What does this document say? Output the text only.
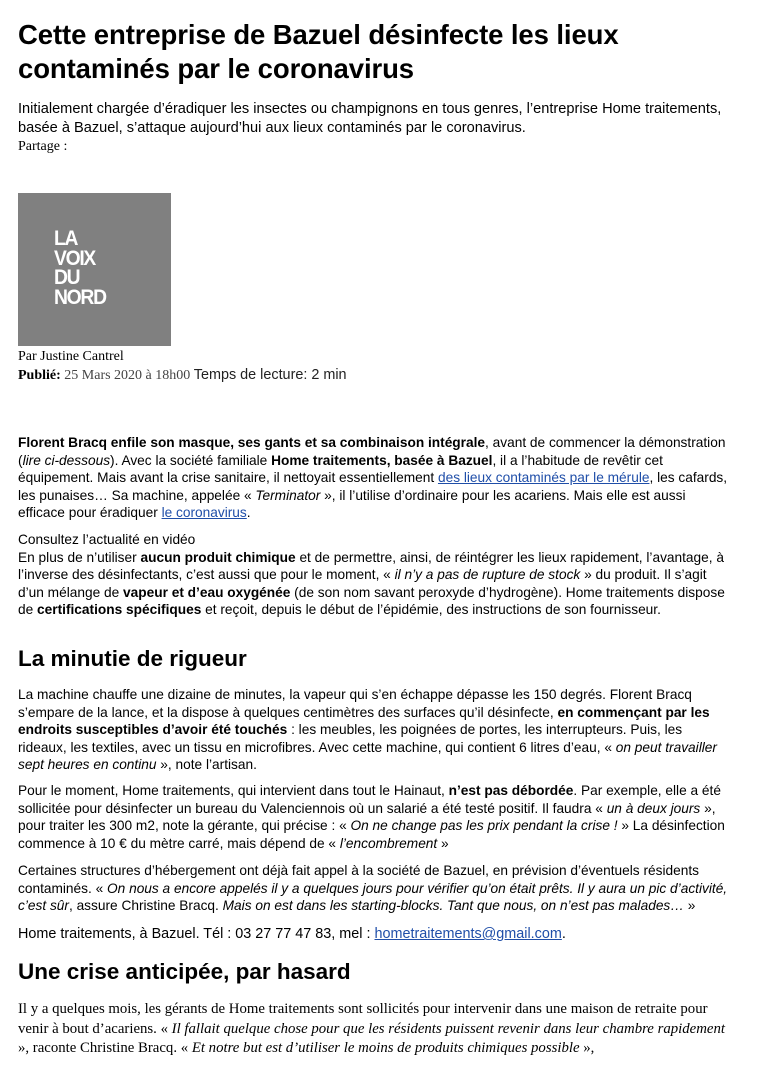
Cette entreprise de Bazuel désinfecte les lieux contaminés par le coronavirus
Initialement chargée d’éradiquer les insectes ou champignons en tous genres, l’entreprise Home traitements, basée à Bazuel, s’attaque aujourd’hui aux lieux contaminés par le coronavirus.
Partage :
LA
VOIX
DU
NORD
Par Justine Cantrel
Publié: 25 Mars 2020 à 18h00 Temps de lecture: 2 min
Florent Bracq enfile son masque, ses gants et sa combinaison intégrale, avant de commencer la démonstration (lire ci-dessous). Avec la société familiale Home traitements, basée à Bazuel, il a l’habitude de revêtir cet équipement. Mais avant la crise sanitaire, il nettoyait essentiellement des lieux contaminés par le mérule, les cafards, les punaises… Sa machine, appelée « Terminator », il l’utilise d’ordinaire pour les acariens. Mais elle est aussi efficace pour éradiquer le coronavirus.
Consultez l’actualité en vidéo
En plus de n’utiliser aucun produit chimique et de permettre, ainsi, de réintégrer les lieux rapidement, l’avantage, à l’inverse des désinfectants, c’est aussi que pour le moment, « il n’y a pas de rupture de stock » du produit. Il s’agit d’un mélange de vapeur et d’eau oxygénée (de son nom savant peroxyde d’hydrogène). Home traitements dispose de certifications spécifiques et reçoit, depuis le début de l’épidémie, des instructions de son fournisseur.
La minutie de rigueur
La machine chauffe une dizaine de minutes, la vapeur qui s’en échappe dépasse les 150 degrés. Florent Bracq s’empare de la lance, et la dispose à quelques centimètres des surfaces qu’il désinfecte, en commençant par les endroits susceptibles d’avoir été touchés : les meubles, les poignées de portes, les interrupteurs. Puis, les rideaux, les textiles, avec un tissu en microfibres. Avec cette machine, qui contient 6 litres d’eau, « on peut travailler sept heures en continu », note l’artisan.
Pour le moment, Home traitements, qui intervient dans tout le Hainaut, n’est pas débordée. Par exemple, elle a été sollicitée pour désinfecter un bureau du Valenciennois où un salarié a été testé positif. Il faudra « un à deux jours », pour traiter les 300 m2, note la gérante, qui précise : « On ne change pas les prix pendant la crise ! » La désinfection commence à 10 € du mètre carré, mais dépend de « l’encombrement »
Certaines structures d’hébergement ont déjà fait appel à la société de Bazuel, en prévision d’éventuels résidents contaminés. « On nous a encore appelés il y a quelques jours pour vérifier qu’on était prêts. Il y aura un pic d’activité, c’est sûr, assure Christine Bracq. Mais on est dans les starting-blocks. Tant que nous, on n’est pas malades… »
Home traitements, à Bazuel. Tél : 03 27 77 47 83, mel : hometraitements@gmail.com.
Une crise anticipée, par hasard
Il y a quelques mois, les gérants de Home traitements sont sollicités pour intervenir dans une maison de retraite pour venir à bout d’acariens. « Il fallait quelque chose pour que les résidents puissent revenir dans leur chambre rapidement », raconte Christine Bracq. « Et notre but est d’utiliser le moins de produits chimiques possible »,
